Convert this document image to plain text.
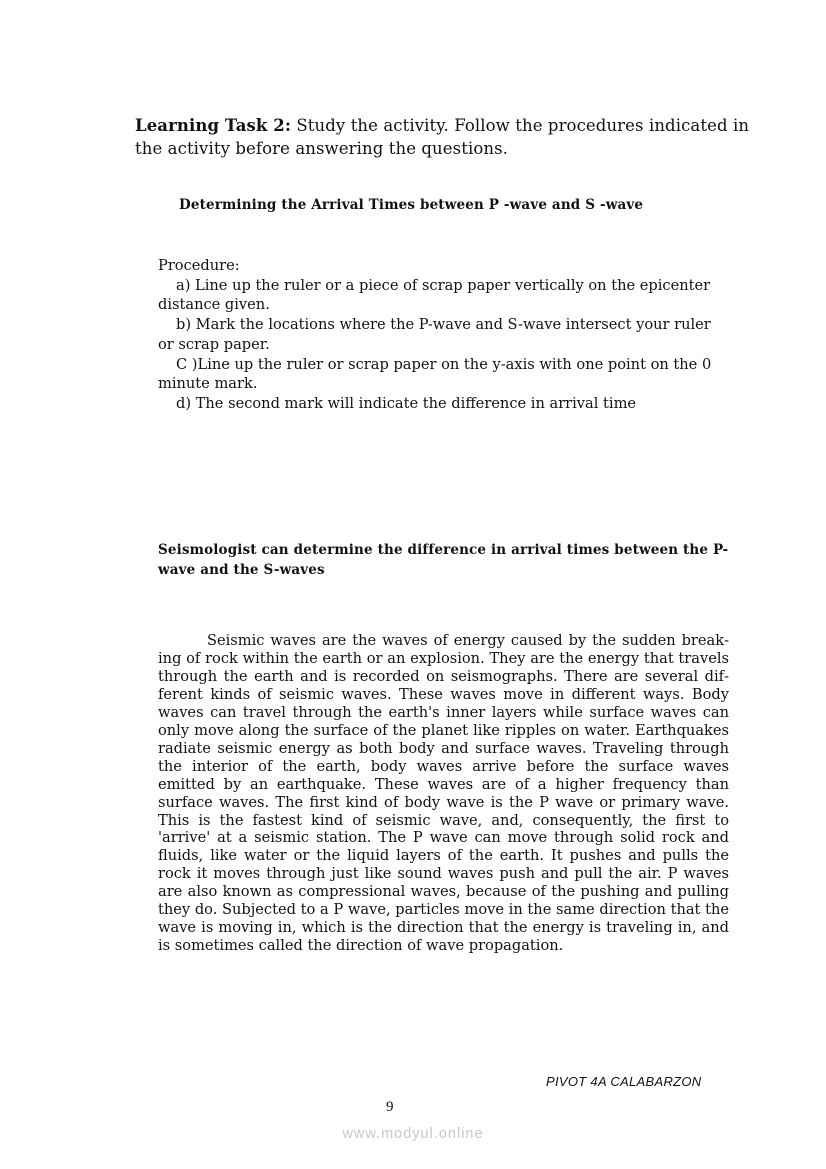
Learning Task 2: Study the activity. Follow the procedures indicated in the activity before answering the questions.
Determining the Arrival Times between P -wave and S -wave
Procedure:
a) Line up the ruler or a piece of scrap paper vertically on the epicenter distance given.
b) Mark the locations where the P-wave and S-wave intersect your ruler or scrap paper.
C )Line up the ruler or scrap paper on the y-axis with one point on the 0 minute mark.
d) The second mark will indicate the difference in arrival time
Seismologist can determine the difference in arrival times between the P-wave and the S-waves
Seismic waves are the waves of energy caused by the sudden breaking of rock within the earth or an explosion. They are the energy that travels through the earth and is recorded on seismographs. There are several different kinds of seismic waves. These waves move in different ways. Body waves can travel through the earth's inner layers while surface waves can only move along the surface of the planet like ripples on water. Earthquakes radiate seismic energy as both body and surface waves. Traveling through the interior of the earth, body waves arrive before the surface waves emitted by an earthquake. These waves are of a higher frequency than surface waves. The first kind of body wave is the P wave or primary wave. This is the fastest kind of seismic wave, and, consequently, the first to 'arrive' at a seismic station. The P wave can move through solid rock and fluids, like water or the liquid layers of the earth. It pushes and pulls the rock it moves through just like sound waves push and pull the air. P waves are also known as compressional waves, because of the pushing and pulling they do. Subjected to a P wave, particles move in the same direction that the wave is moving in, which is the direction that the energy is traveling in, and is sometimes called the direction of wave propagation.
PIVOT 4A CALABARZON
9
www.modyul.online
